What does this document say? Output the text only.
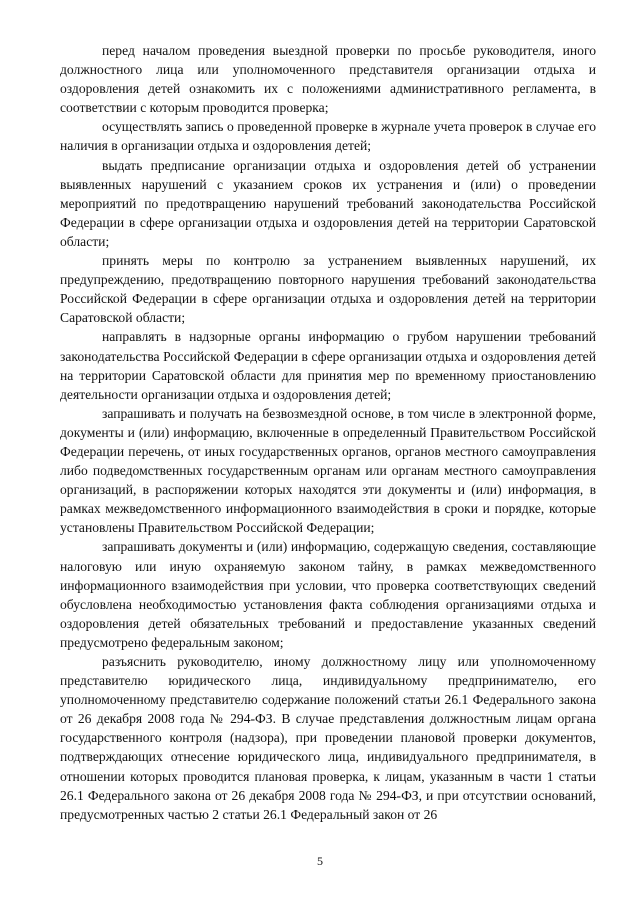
перед началом проведения выездной проверки по просьбе руководителя, иного должностного лица или уполномоченного представителя организации отдыха и оздоровления детей ознакомить их с положениями административного регламента, в соответствии с которым проводится проверка;

осуществлять запись о проведенной проверке в журнале учета проверок в случае его наличия в организации отдыха и оздоровления детей;

выдать предписание организации отдыха и оздоровления детей об устранении выявленных нарушений с указанием сроков их устранения и (или) о проведении мероприятий по предотвращению нарушений требований законодательства Российской Федерации в сфере организации отдыха и оздоровления детей на территории Саратовской области;

принять меры по контролю за устранением выявленных нарушений, их предупреждению, предотвращению повторного нарушения требований законодательства Российской Федерации в сфере организации отдыха и оздоровления детей на территории Саратовской области;

направлять в надзорные органы информацию о грубом нарушении требований законодательства Российской Федерации в сфере организации отдыха и оздоровления детей на территории Саратовской области для принятия мер по временному приостановлению деятельности организации отдыха и оздоровления детей;

запрашивать и получать на безвозмездной основе, в том числе в электронной форме, документы и (или) информацию, включенные в определенный Правительством Российской Федерации перечень, от иных государственных органов, органов местного самоуправления либо подведомственных государственным органам или органам местного самоуправления организаций, в распоряжении которых находятся эти документы и (или) информация, в рамках межведомственного информационного взаимодействия в сроки и порядке, которые установлены Правительством Российской Федерации;

запрашивать документы и (или) информацию, содержащую сведения, составляющие налоговую или иную охраняемую законом тайну, в рамках межведомственного информационного взаимодействия при условии, что проверка соответствующих сведений обусловлена необходимостью установления факта соблюдения организациями отдыха и оздоровления детей обязательных требований и предоставление указанных сведений предусмотрено федеральным законом;

разъяснить руководителю, иному должностному лицу или уполномоченному представителю юридического лица, индивидуальному предпринимателю, его уполномоченному представителю содержание положений статьи 26.1 Федерального закона от 26 декабря 2008 года № 294-ФЗ. В случае представления должностным лицам органа государственного контроля (надзора), при проведении плановой проверки документов, подтверждающих отнесение юридического лица, индивидуального предпринимателя, в отношении которых проводится плановая проверка, к лицам, указанным в части 1 статьи 26.1 Федерального закона от 26 декабря 2008 года № 294-ФЗ, и при отсутствии оснований, предусмотренных частью 2 статьи 26.1 Федеральный закон от 26

5
